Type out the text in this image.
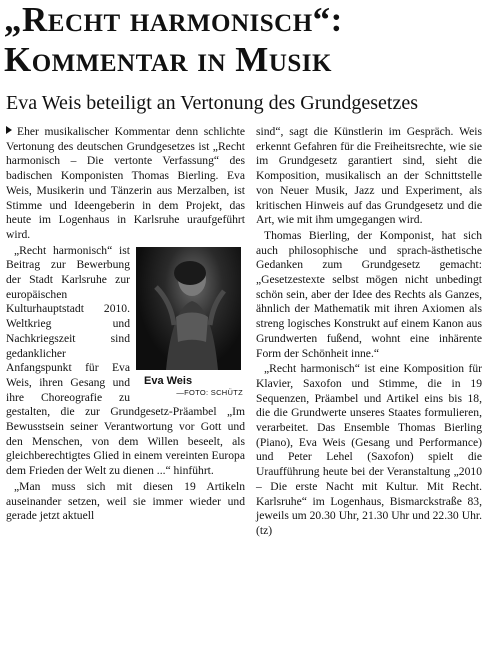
„Recht harmonisch“:
Kommentar in Musik
Eva Weis beteiligt an Vertonung des Grundgesetzes

Eher musikalischer Kommentar denn schlichte Vertonung des deutschen Grundgesetzes ist „Recht harmonisch – Die vertonte Verfassung“ des badischen Komponisten Thomas Bierling. Eva Weis, Musikerin und Tänzerin aus Merzalben, ist Stimme und Ideengeberin in dem Projekt, das heute im Logenhaus in Karlsruhe uraufgeführt wird.

Eva Weis
—FOTO: SCHÜTZ
„Recht harmonisch“ ist Beitrag zur Bewerbung der Stadt Karlsruhe zur europäischen Kulturhauptstadt 2010. Weltkrieg und Nachkriegszeit sind gedanklicher Anfangspunkt für Eva Weis, ihren Gesang und ihre Choreografie zu gestalten, die zur Grundgesetz-Präambel „Im Bewusstsein seiner Verantwortung vor Gott und den Menschen, von dem Willen beseelt, als gleichberechtigtes Glied in einem vereinten Europa dem Frieden der Welt zu dienen ...“ hinführt.

„Man muss sich mit diesen 19 Artikeln auseinander setzen, weil sie immer wieder und gerade jetzt aktuell

sind“, sagt die Künstlerin im Gespräch. Weis erkennt Gefahren für die Freiheitsrechte, wie sie im Grundgesetz garantiert sind, sieht die Komposition, musikalisch an der Schnittstelle von Neuer Musik, Jazz und Experiment, als kritischen Hinweis auf das Grundgesetz und die Art, wie mit ihm umgegangen wird.

Thomas Bierling, der Komponist, hat sich auch philosophische und sprach-ästhetische Gedanken zum Grundgesetz gemacht: „Gesetzestexte selbst mögen nicht unbedingt schön sein, aber der Idee des Rechts als Ganzes, ähnlich der Mathematik mit ihren Axiomen als streng logisches Konstrukt auf einem Kanon aus Grundwerten fußend, wohnt eine inhärente Form der Schönheit inne.“

„Recht harmonisch“ ist eine Komposition für Klavier, Saxofon und Stimme, die in 19 Sequenzen, Präambel und Artikel eins bis 18, die die Grundwerte unseres Staates formulieren, verarbeitet. Das Ensemble Thomas Bierling (Piano), Eva Weis (Gesang und Performance) und Peter Lehel (Saxofon) spielt die Uraufführung heute bei der Veranstaltung „2010 – Die erste Nacht mit Kultur. Mit Recht. Karlsruhe“ im Logenhaus, Bismarckstraße 83, jeweils um 20.30 Uhr, 21.30 Uhr und 22.30 Uhr. (tz)
